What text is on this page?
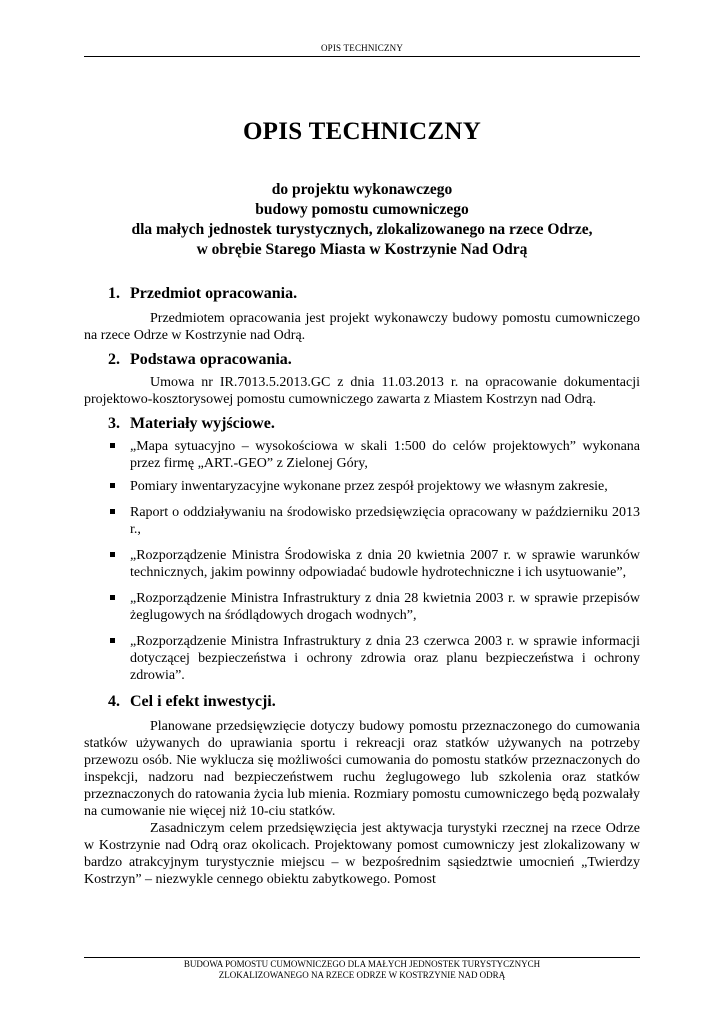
OPIS TECHNICZNY
OPIS TECHNICZNY
do projektu wykonawczego
budowy pomostu cumowniczego
dla małych jednostek turystycznych, zlokalizowanego na rzece Odrze,
w obrębie Starego Miasta w Kostrzynie Nad Odrą
1. Przedmiot opracowania.

Przedmiotem opracowania jest projekt wykonawczy budowy pomostu cumowniczego na rzece Odrze w Kostrzynie nad Odrą.

2. Podstawa opracowania.

Umowa nr IR.7013.5.2013.GC z dnia 11.03.2013 r. na opracowanie dokumentacji projektowo-kosztorysowej pomostu cumowniczego zawarta z Miastem Kostrzyn nad Odrą.

3. Materiały wyjściowe.
„Mapa sytuacyjno – wysokościowa w skali 1:500 do celów projektowych” wykonana przez firmę „ART.-GEO” z Zielonej Góry,
Pomiary inwentaryzacyjne wykonane przez zespół projektowy we własnym zakresie,
Raport o oddziaływaniu na środowisko przedsięwzięcia opracowany w październiku 2013 r.,
„Rozporządzenie Ministra Środowiska z dnia 20 kwietnia 2007 r. w sprawie warunków technicznych, jakim powinny odpowiadać budowle hydrotechniczne i ich usytuowanie”,
„Rozporządzenie Ministra Infrastruktury z dnia 28 kwietnia 2003 r. w sprawie przepisów żeglugowych na śródlądowych drogach wodnych”,
„Rozporządzenie Ministra Infrastruktury z dnia 23 czerwca 2003 r. w sprawie informacji dotyczącej bezpieczeństwa i ochrony zdrowia oraz planu bezpieczeństwa i ochrony zdrowia”.
4. Cel i efekt inwestycji.

Planowane przedsięwzięcie dotyczy budowy pomostu przeznaczonego do cumowania statków używanych do uprawiania sportu i rekreacji oraz statków używanych na potrzeby przewozu osób. Nie wyklucza się możliwości cumowania do pomostu statków przeznaczonych do inspekcji, nadzoru nad bezpieczeństwem ruchu żeglugowego lub szkolenia oraz statków przeznaczonych do ratowania życia lub mienia. Rozmiary pomostu cumowniczego będą pozwalały na cumowanie nie więcej niż 10-ciu statków.

Zasadniczym celem przedsięwzięcia jest aktywacja turystyki rzecznej na rzece Odrze w Kostrzynie nad Odrą oraz okolicach. Projektowany pomost cumowniczy jest zlokalizowany w bardzo atrakcyjnym turystycznie miejscu – w bezpośrednim sąsiedztwie umocnień „Twierdzy Kostrzyn” – niezwykle cennego obiektu zabytkowego. Pomost

BUDOWA POMOSTU CUMOWNICZEGO DLA MAŁYCH JEDNOSTEK TURYSTYCZNYCH
ZLOKALIZOWANEGO NA RZECE ODRZE W KOSTRZYNIE NAD ODRĄ
